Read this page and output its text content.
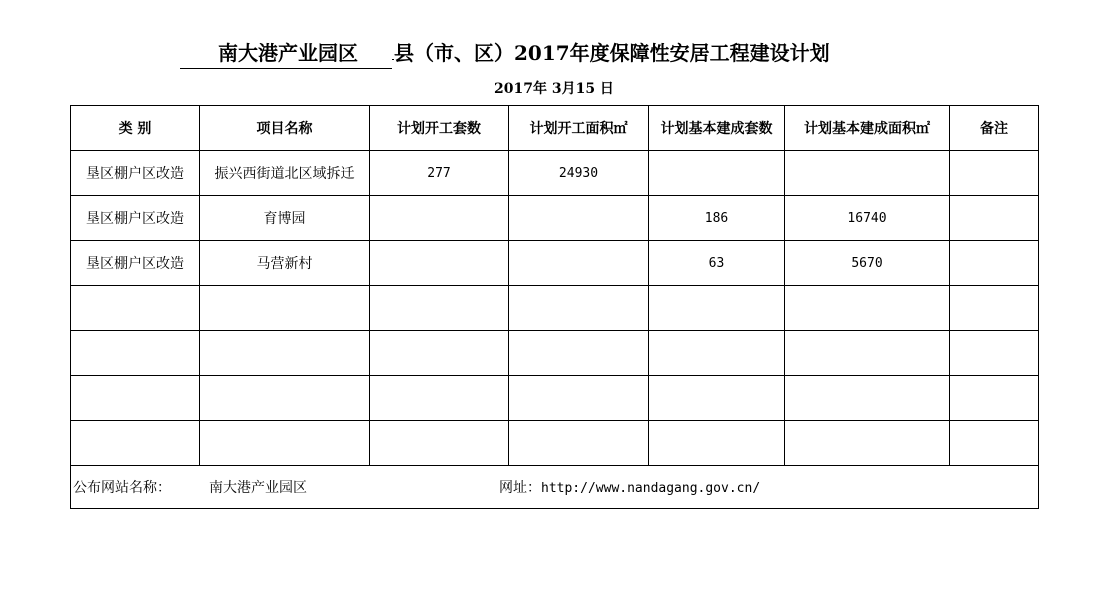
南大港产业园区 县（市、区）2017年度保障性安居工程建设计划
2017年 3月15 日
类 别	项目名称	计划开工套数	计划开工面积㎡	计划基本建成套数	计划基本建成面积㎡	备注
垦区棚户区改造	振兴西街道北区域拆迁	277	24930			
垦区棚户区改造	育博园			186	16740	
垦区棚户区改造	马营新村			63	5670	

公布网站名称： 南大港产业园区 网址：http://www.nandagang.gov.cn/						
